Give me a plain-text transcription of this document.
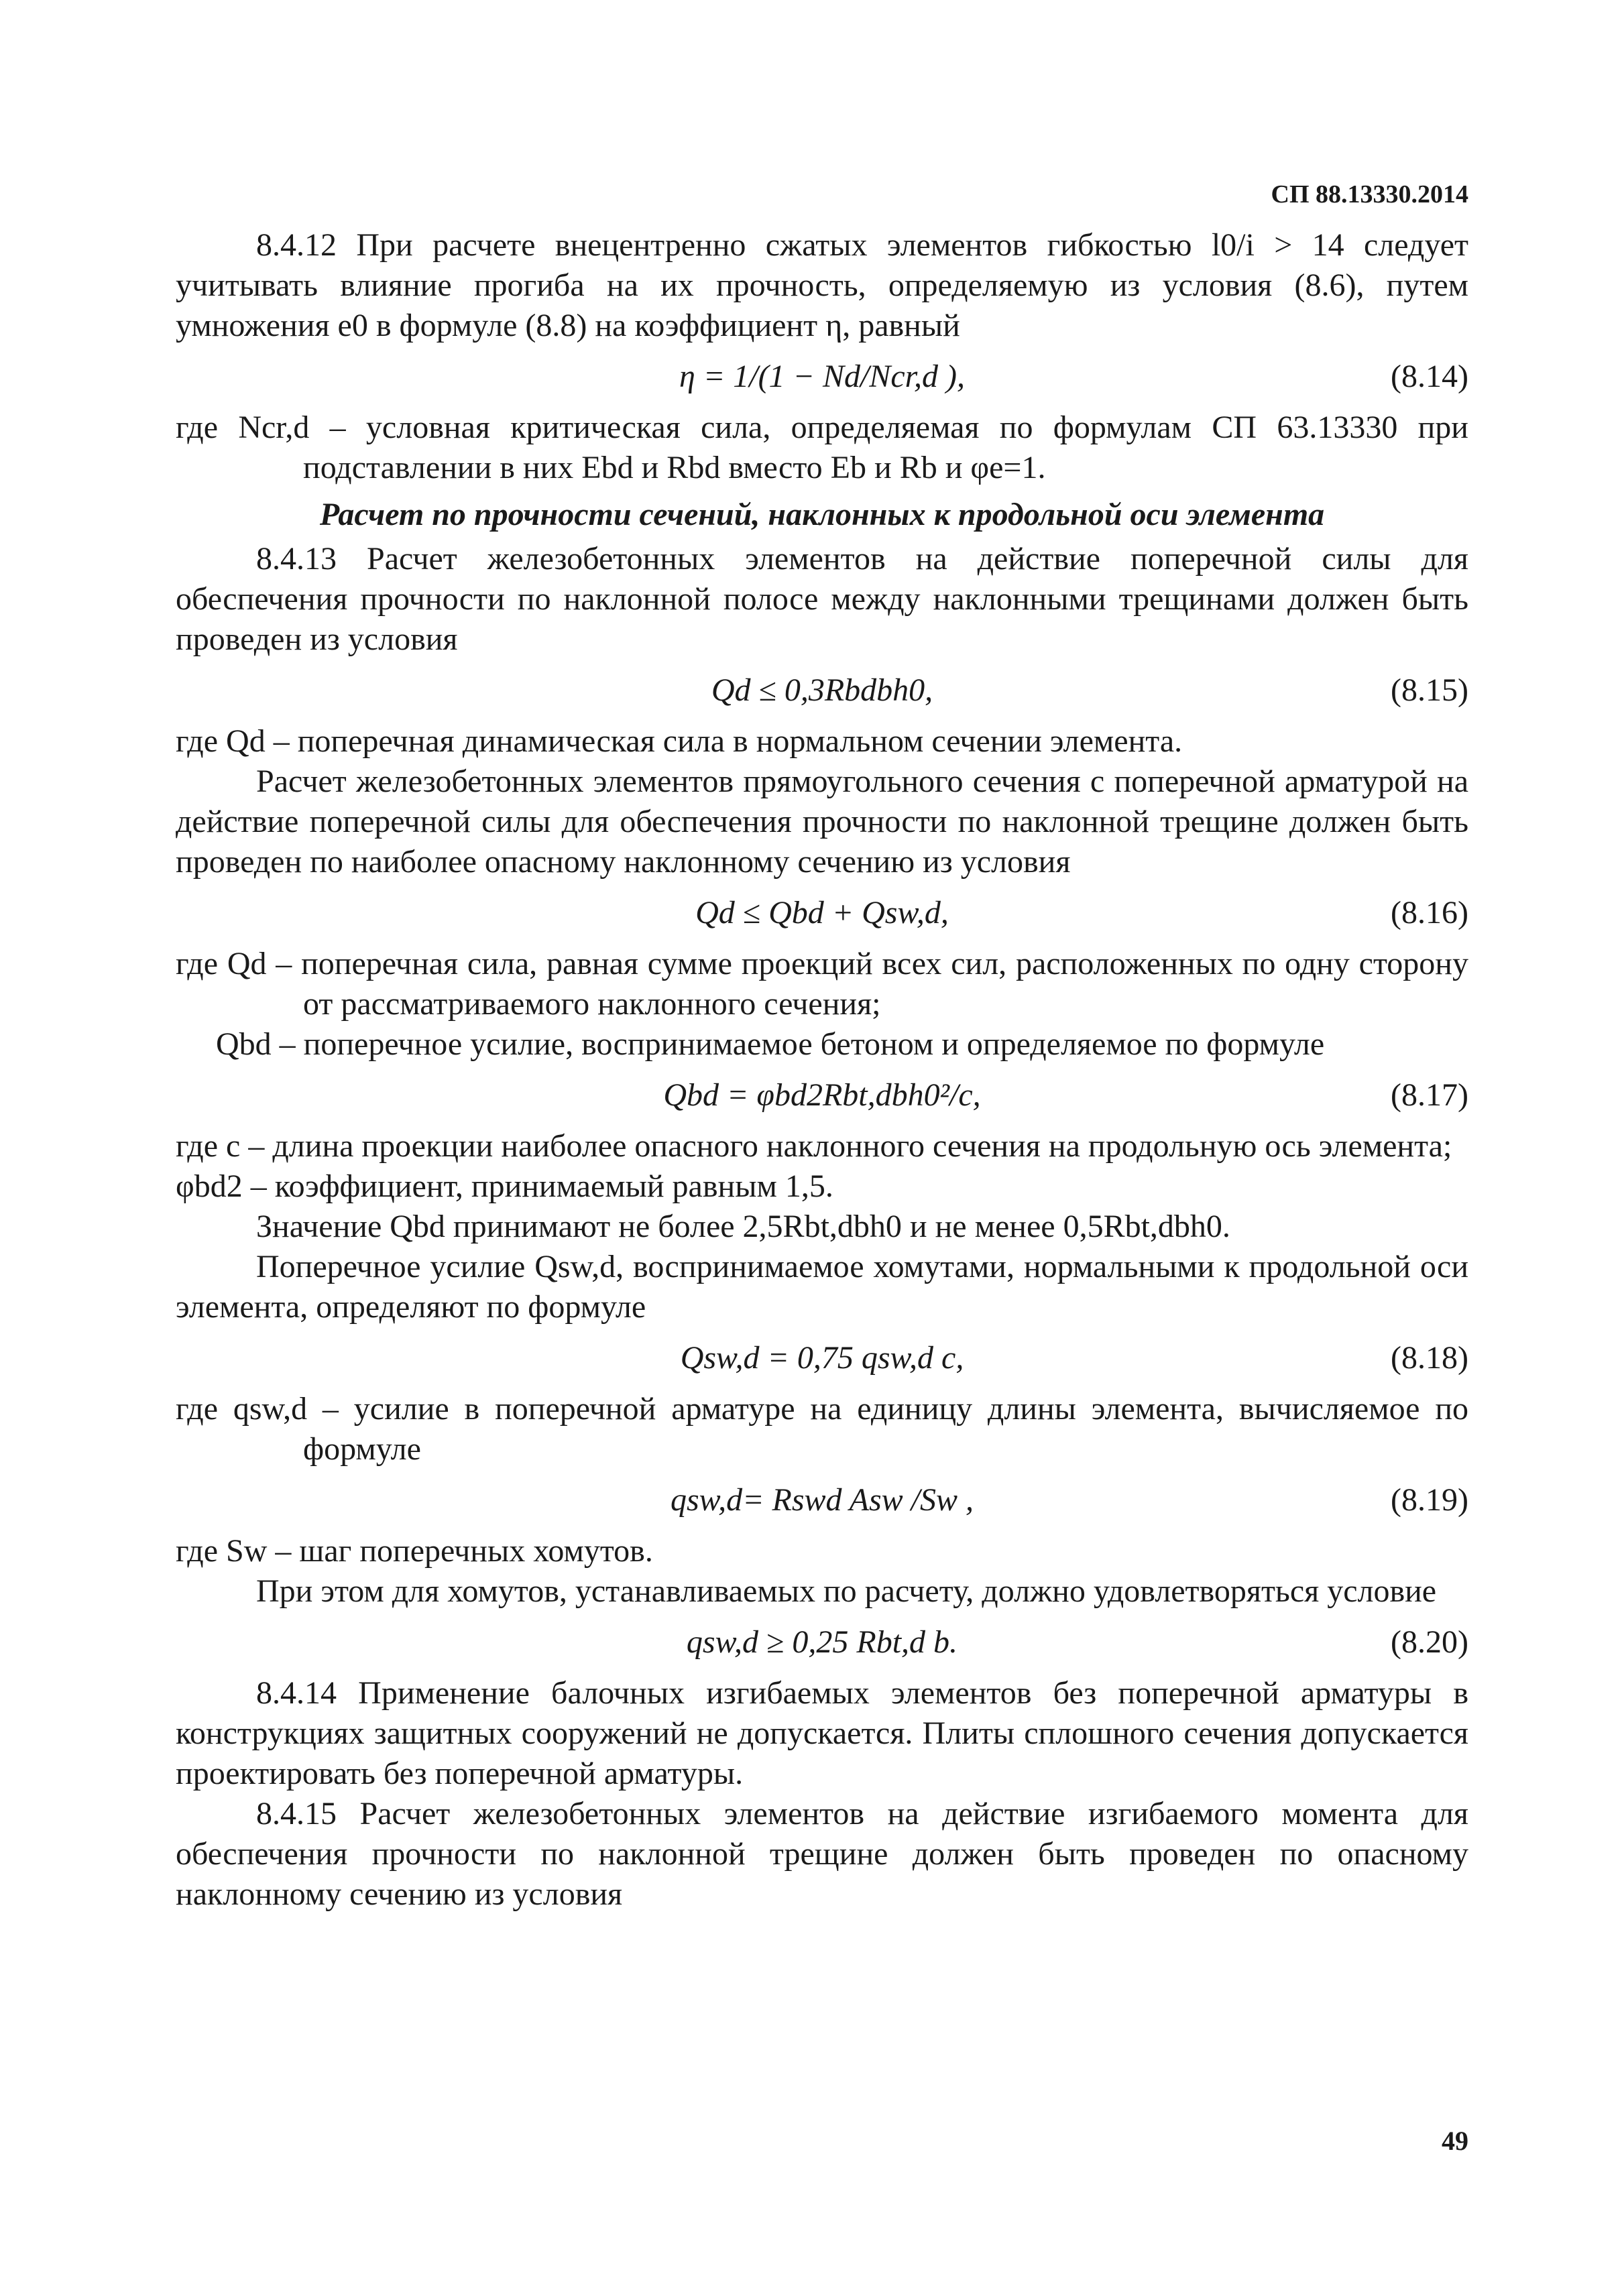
СП 88.13330.2014

8.4.12 При расчете внецентренно сжатых элементов гибкостью l0/i > 14 следует учитывать влияние прогиба на их прочность, определяемую из условия (8.6), путем умножения e0 в формуле (8.8) на коэффициент η, равный

η = 1/(1 − Nd/Ncr,d ),	(8.14)

где Ncr,d – условная критическая сила, определяемая по формулам СП 63.13330 при подставлении в них Ebd и Rbd вместо Eb и Rb и φe=1.

Расчет по прочности сечений, наклонных к продольной оси элемента

8.4.13 Расчет железобетонных элементов на действие поперечной силы для обеспечения прочности по наклонной полосе между наклонными трещинами должен быть проведен из условия

Qd ≤ 0,3Rbdbh0,	(8.15)

где Qd – поперечная динамическая сила в нормальном сечении элемента.

Расчет железобетонных элементов прямоугольного сечения с поперечной арматурой на действие поперечной силы для обеспечения прочности по наклонной трещине должен быть проведен по наиболее опасному наклонному сечению из условия

Qd ≤ Qbd + Qsw,d,	(8.16)

где Qd – поперечная сила, равная сумме проекций всех сил, расположенных по одну сторону от рассматриваемого наклонного сечения;

Qbd – поперечное усилие, воспринимаемое бетоном и определяемое по формуле

Qbd = φbd2Rbt,dbh0²/c,	(8.17)

где c – длина проекции наиболее опасного наклонного сечения на продольную ось элемента;

φbd2 – коэффициент, принимаемый равным 1,5.

Значение Qbd принимают не более 2,5Rbt,dbh0 и не менее 0,5Rbt,dbh0.

Поперечное усилие Qsw,d, воспринимаемое хомутами, нормальными к продольной оси элемента, определяют по формуле

Qsw,d = 0,75 qsw,d c,	(8.18)

где qsw,d – усилие в поперечной арматуре на единицу длины элемента, вычисляемое по формуле

qsw,d= Rswd Asw /Sw ,	(8.19)

где Sw – шаг поперечных хомутов.

При этом для хомутов, устанавливаемых по расчету, должно удовлетворяться условие

qsw,d ≥ 0,25 Rbt,d b.	(8.20)

8.4.14 Применение балочных изгибаемых элементов без поперечной арматуры в конструкциях защитных сооружений не допускается. Плиты сплошного сечения допускается проектировать без поперечной арматуры.

8.4.15 Расчет железобетонных элементов на действие изгибаемого момента для обеспечения прочности по наклонной трещине должен быть проведен по опасному наклонному сечению из условия

49
